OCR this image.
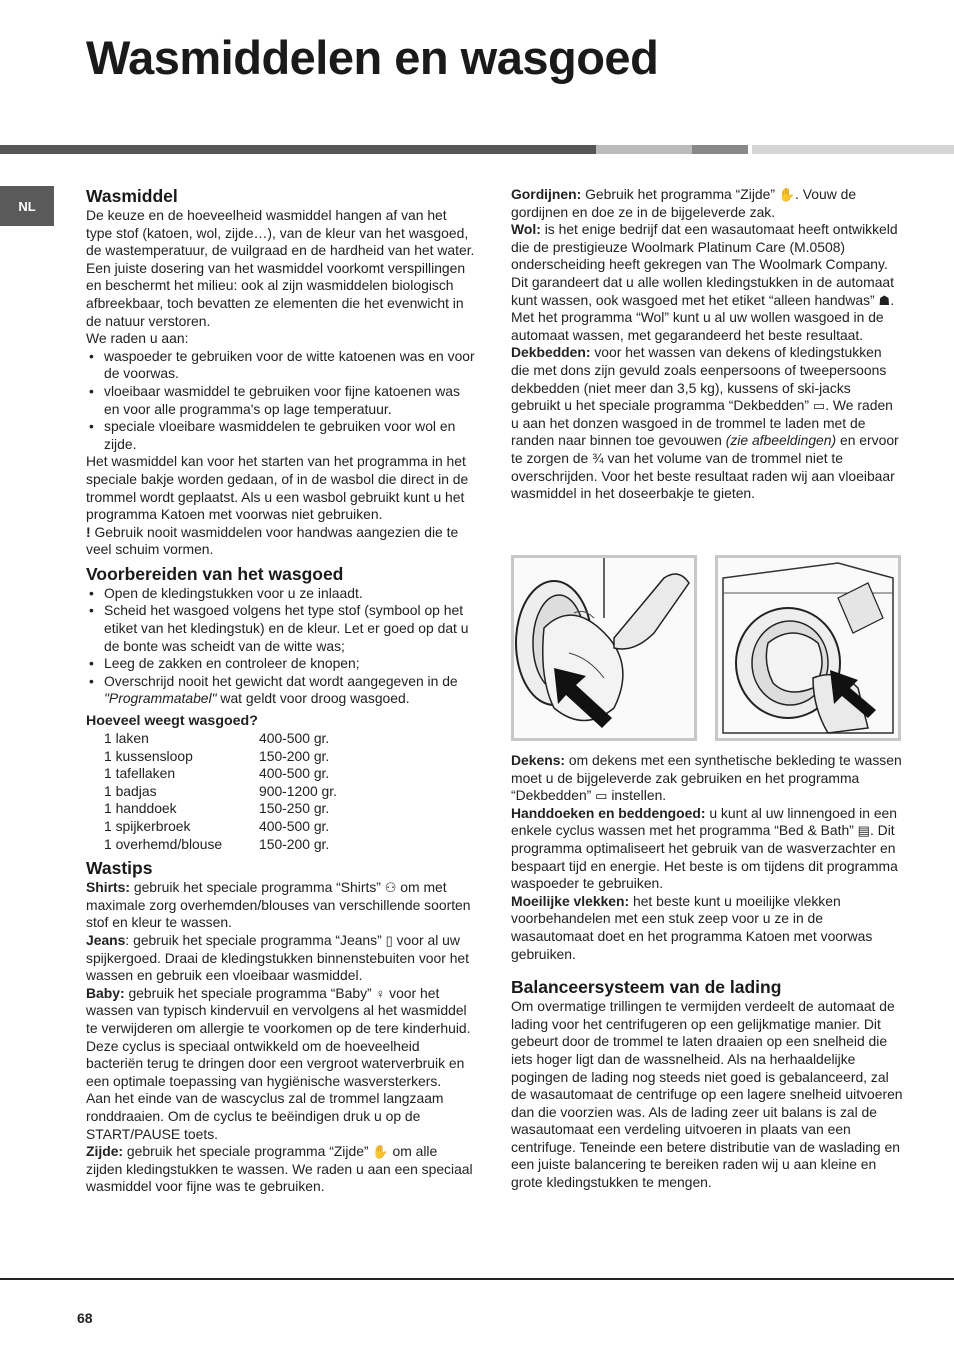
Wasmiddelen en wasgoed
NL	Wasmiddel

De keuze en de hoeveelheid wasmiddel hangen af van het type stof (katoen, wol, zijde…), van de kleur van het wasgoed, de wastemperatuur, de vuilgraad en de hardheid van het water.

Een juiste dosering van het wasmiddel voorkomt verspillingen en beschermt het milieu: ook al zijn wasmiddelen biologisch afbreekbaar, toch bevatten ze elementen die het evenwicht in de natuur verstoren.

We raden u aan:

• waspoeder te gebruiken voor de witte katoenen was en voor de voorwas.
• vloeibaar wasmiddel te gebruiken voor fijne katoenen was en voor alle programma's op lage temperatuur.
• speciale vloeibare wasmiddelen te gebruiken voor wol en zijde.

Het wasmiddel kan voor het starten van het programma in het speciale bakje worden gedaan, of in de wasbol die direct in de trommel wordt geplaatst. Als u een wasbol gebruikt kunt u het programma Katoen met voorwas niet gebruiken.

! Gebruik nooit wasmiddelen voor handwas aangezien die te veel schuim vormen.

Voorbereiden van het wasgoed
• Open de kledingstukken voor u ze inlaadt.
• Scheid het wasgoed volgens het type stof (symbool op het etiket van het kledingstuk) en de kleur. Let er goed op dat u de bonte was scheidt van de witte was;
• Leeg de zakken en controleer de knopen;
• Overschrijd nooit het gewicht dat wordt aangegeven in de "Programmatabel" wat geldt voor droog wasgoed.
Hoeveel weegt wasgoed?
1 laken	400-500 gr.
1 kussensloop	150-200 gr.
1 tafellaken	400-500 gr.
1 badjas	900-1200 gr.
1 handdoek	150-250 gr.
1 spijkerbroek	400-500 gr.
1 overhemd/blouse	150-200 gr.
Wastips

Shirts: gebruik het speciale programma “Shirts” ⚇ om met maximale zorg overhemden/blouses van verschillende soorten stof en kleur te wassen.

Jeans: gebruik het speciale programma “Jeans” ▯ voor al uw spijkergoed. Draai de kledingstukken binnenstebuiten voor het wassen en gebruik een vloeibaar wasmiddel.

Baby: gebruik het speciale programma “Baby” ♀ voor het wassen van typisch kindervuil en vervolgens al het wasmiddel te verwijderen om allergie te voorkomen op de tere kinderhuid. Deze cyclus is speciaal ontwikkeld om de hoeveelheid bacteriën terug te dringen door een vergroot waterverbruik en een optimale toepassing van hygiënische wasversterkers.

Aan het einde van de wascyclus zal de trommel langzaam ronddraaien. Om de cyclus te beëindigen druk u op de START/PAUSE toets.

Zijde: gebruik het speciale programma “Zijde” ✋ om alle zijden kledingstukken te wassen. We raden u aan een speciaal wasmiddel voor fijne was te gebruiken.

Gordijnen: Gebruik het programma “Zijde” ✋. Vouw de gordijnen en doe ze in de bijgeleverde zak.

Wol: is het enige bedrijf dat een wasautomaat heeft ontwikkeld die de prestigieuze Woolmark Platinum Care (M.0508) onderscheiding heeft gekregen van The Woolmark Company. Dit garandeert dat u alle wollen kledingstukken in de automaat kunt wassen, ook wasgoed met het etiket “alleen handwas” ☗. Met het programma “Wol” kunt u al uw wollen wasgoed in de automaat wassen, met gegarandeerd het beste resultaat.

Dekbedden: voor het wassen van dekens of kledingstukken die met dons zijn gevuld zoals eenpersoons of tweepersoons dekbedden (niet meer dan 3,5 kg), kussens of ski-jacks gebruikt u het speciale programma “Dekbedden” ▭. We raden u aan het donzen wasgoed in de trommel te laden met de randen naar binnen toe gevouwen (zie afbeeldingen) en ervoor te zorgen de ¾ van het volume van de trommel niet te overschrijden. Voor het beste resultaat raden wij aan vloeibaar wasmiddel in het doseerbakje te gieten.

Dekens: om dekens met een synthetische bekleding te wassen moet u de bijgeleverde zak gebruiken en het programma “Dekbedden” ▭ instellen.

Handdoeken en beddengoed: u kunt al uw linnengoed in een enkele cyclus wassen met het programma “Bed & Bath” ▤. Dit programma optimaliseert het gebruik van de wasverzachter en bespaart tijd en energie. Het beste is om tijdens dit programma waspoeder te gebruiken.

Moeilijke vlekken: het beste kunt u moeilijke vlekken voorbehandelen met een stuk zeep voor u ze in de wasautomaat doet en het programma Katoen met voorwas gebruiken.

Balanceersysteem van de lading

Om overmatige trillingen te vermijden verdeelt de automaat de lading voor het centrifugeren op een gelijkmatige manier. Dit gebeurt door de trommel te laten draaien op een snelheid die iets hoger ligt dan de wassnelheid. Als na herhaaldelijke pogingen de lading nog steeds niet goed is gebalanceerd, zal de wasautomaat de centrifuge op een lagere snelheid uitvoeren dan die voorzien was. Als de lading zeer uit balans is zal de wasautomaat een verdeling uitvoeren in plaats van een centrifuge. Teneinde een betere distributie van de waslading en een juiste balancering te bereiken raden wij u aan kleine en grote kledingstukken te mengen.

68
